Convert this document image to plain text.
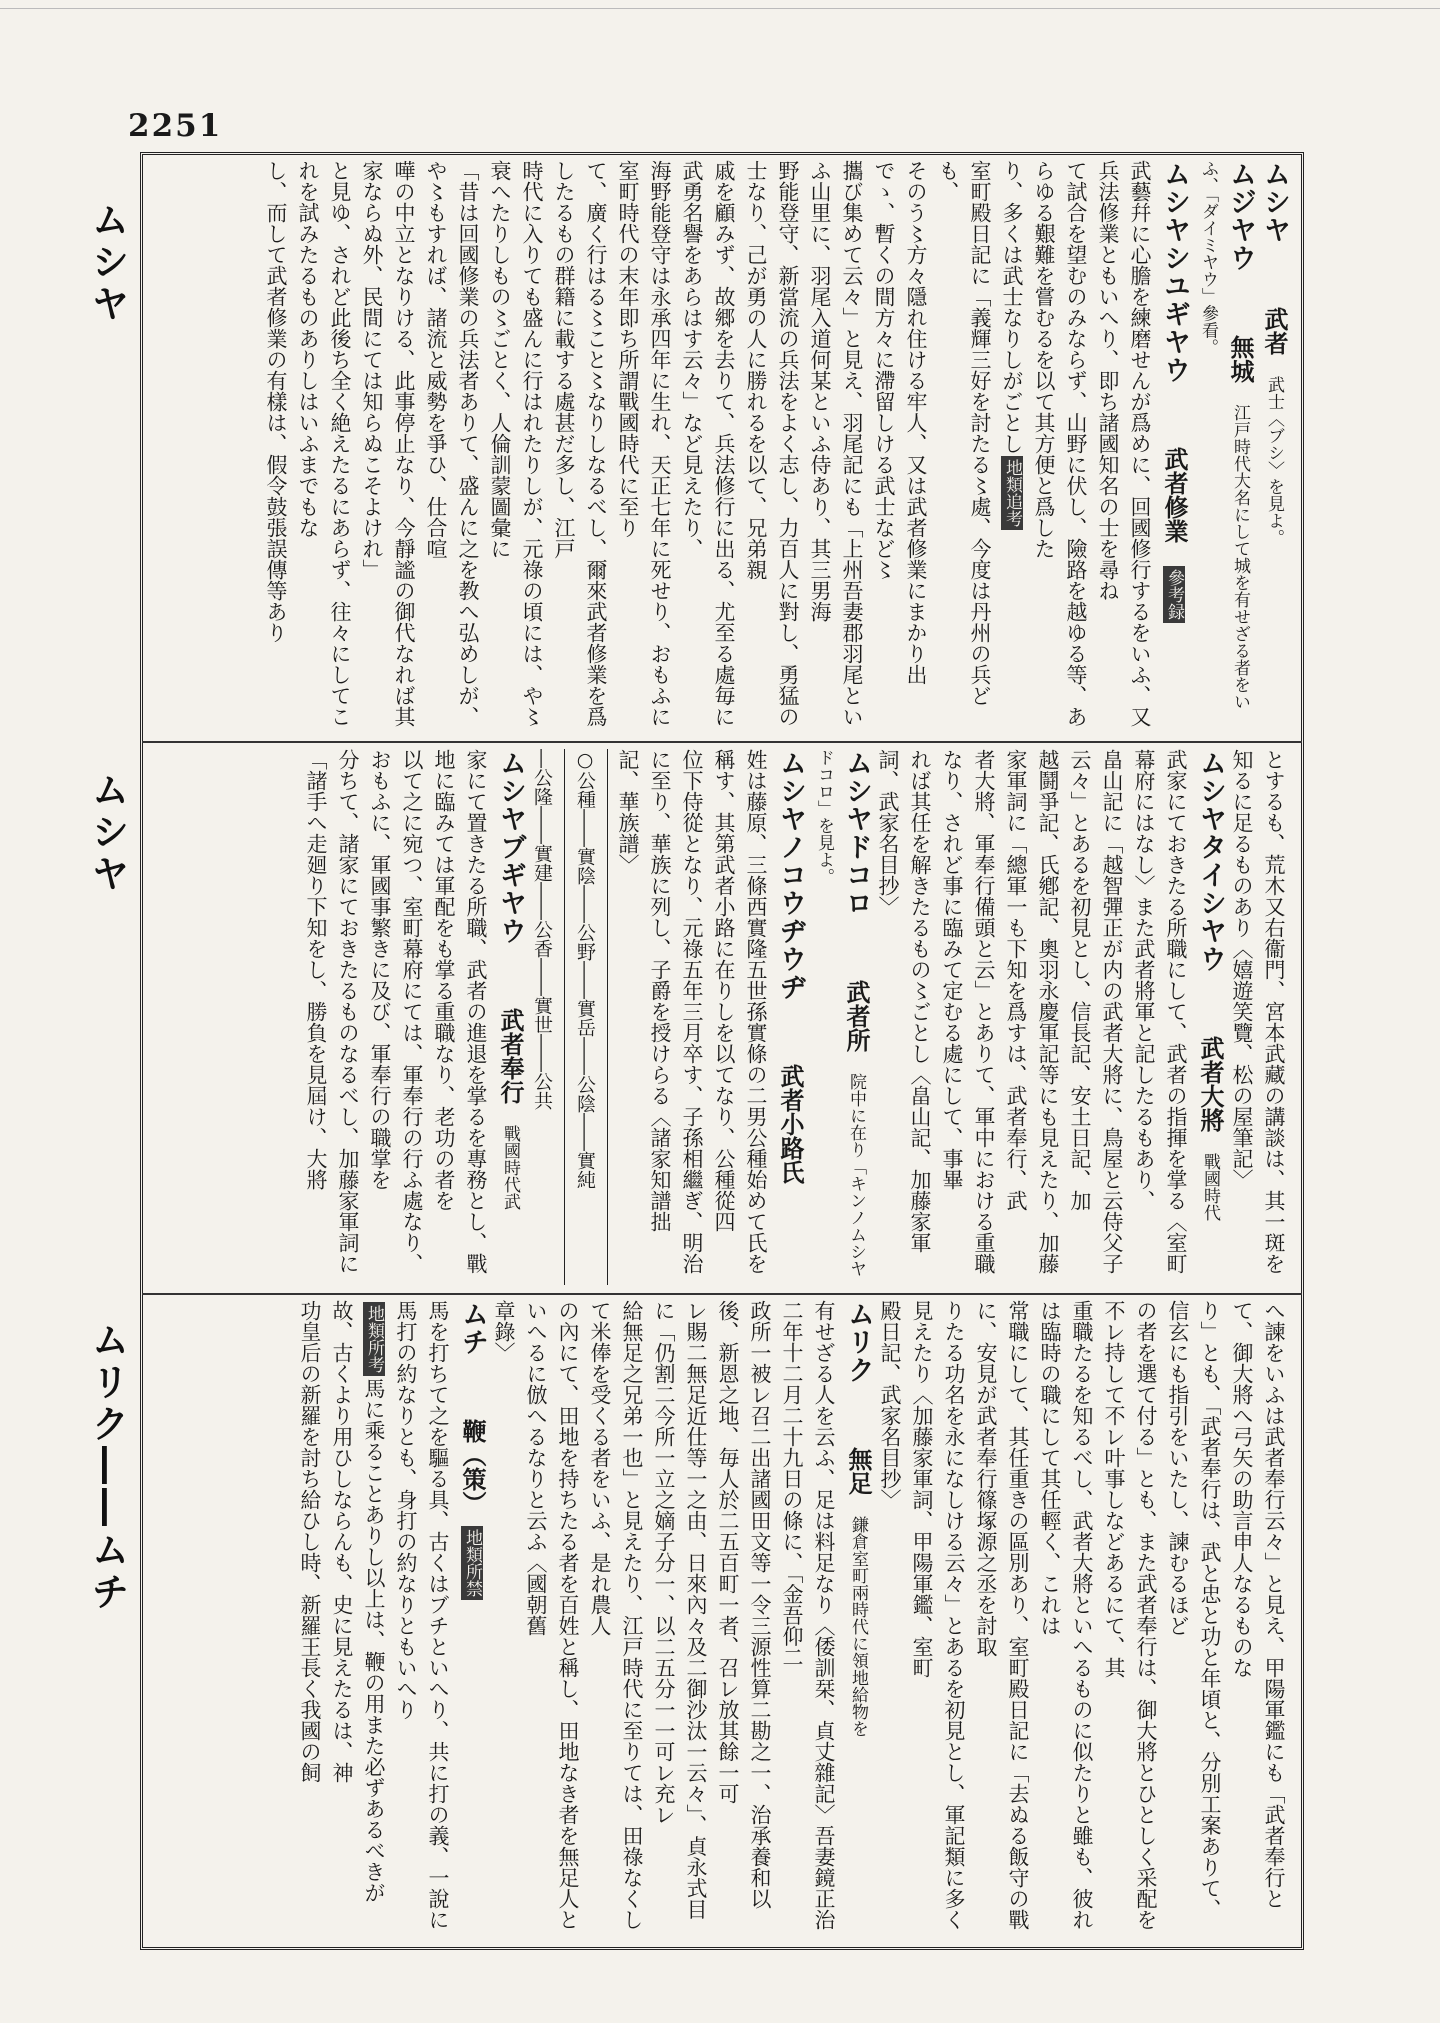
2251
ムシヤ
ムシヤ
ムリク――ムチ
ムシヤ　武者　武士〈ブシ〉を見よ。
ムジヤウ　無城　江戸時代大名にして城を有せざる者をいふ、「ダイミヤウ」參看。
ムシヤシユギヤウ　武者修業　參考録
武藝幷に心膽を練磨せんが爲めに、回國修行するをいふ、又兵法修業ともいへり、即ち諸國知名の士を尋ね
て試合を望むのみならず、山野に伏し、險路を越ゆる等、あらゆる艱難を嘗むるを以て其方便と爲した
り、多くは武士なりしがごとし地類追考
室町殿日記に「義輝三好を討たる〻處、今度は丹州の兵ども、
そのう〻方々隱れ住ける牢人、又は武者修業にまかり出でゝ、暫くの間方々に滯留しける武士など〻
攜び集めて云々」と見え、羽尾記にも「上州吾妻郡羽尾といふ山里に、羽尾入道何某といふ侍あり、其三男海
野能登守、新當流の兵法をよく志し、力百人に對し、勇猛の士なり、己が勇の人に勝れるを以て、兄弟親
戚を顧みず、故郷を去りて、兵法修行に出る、尤至る處毎に武勇名譽をあらはす云々」など見えたり、
海野能登守は永承四年に生れ、天正七年に死せり、おもふに室町時代の末年即ち所謂戰國時代に至り
て、廣く行はる〻こと〻なりしなるべし、爾來武者修業を爲したるもの群籍に載する處甚だ多し、江戸
時代に入りても盛んに行はれたりしが、元祿の頃には、や〻衰へたりしもの〻ごとく、人倫訓蒙圖彙に
「昔は回國修業の兵法者ありて、盛んに之を教へ弘めしが、や〻もすれば、諸流と威勢を爭ひ、仕合喧
嘩の中立となりける、此事停止なり、今靜謐の御代なれば其家ならぬ外、民間にては知らぬこそよけれ」
と見ゆ、されど此後ち全く絶えたるにあらず、往々にしてこれを試みたるものありしはいふまでもな
し、而して武者修業の有樣は、假令鼓張誤傳等あり
とするも、荒木又右衞門、宮本武藏の講談は、其一斑を知るに足るものあり〈嬉遊笑覽、松の屋筆記〉
ムシヤタイシヤウ　武者大將　戰國時代
武家にておきたる所職にして、武者の指揮を掌る〈室町幕府にはなし〉また武者將軍と記したるもあり、
畠山記に「越智彈正が内の武者大將に、鳥屋と云侍父子云々」とあるを初見とし、信長記、安土日記、加
越鬪爭記、氏鄕記、奧羽永慶軍記等にも見えたり、加藤家軍詞に「總軍一も下知を爲すは、武者奉行、武
者大將、軍奉行備頭と云」とありて、軍中における重職なり、されど事に臨みて定むる處にして、事畢
れば其任を解きたるもの〻ごとし〈畠山記、加藤家軍詞、武家名目抄〉
ムシヤドコロ　武者所　院中に在り「キンノムシヤドコロ」を見よ。
ムシヤノコウヂウヂ　武者小路氏
姓は藤原、三條西實隆五世孫實條の二男公種始めて氏を稱す、其第武者小路に在りしを以てなり、公種從四
位下侍從となり、元祿五年三月卒す、子孫相繼ぎ、明治に至り、華族に列し、子爵を授けらる〈諸家知譜拙
記、華族譜〉
○公種――實陰――公野――實岳――公陰――實純
―公隆――實建――公香――實世――公共
ムシヤブギヤウ　武者奉行　戰國時代武
家にて置きたる所職、武者の進退を掌るを專務とし、戰地に臨みては軍配をも掌る重職なり、老功の者を
以て之に宛つ、室町幕府にては、軍奉行の行ふ處なり、おもふに、軍國事繁きに及び、軍奉行の職掌を
分ちて、諸家にておきたるものなるべし、加藤家軍詞に「諸手へ走廻り下知をし、勝負を見屆け、大將
へ諫をいふは武者奉行云々」と見え、甲陽軍鑑にも「武者奉行とて、御大將へ弓矢の助言申人なるものな
り」とも、「武者奉行は、武と忠と功と年頃と、分別工案ありて、信玄にも指引をいたし、諫むるほど
の者を選て付る」とも、また武者奉行は、御大將とひとしく采配を不レ持して不レ叶事しなどあるにて、其
重職たるを知るべし、武者大將といへるものに似たりと雖も、彼れは臨時の職にして其任輕く、これは
常職にして、其任重きの區別あり、室町殿日記に「去ぬる飯守の戰に、安見が武者奉行篠塚源之丞を討取
りたる功名を永になしける云々」とあるを初見とし、軍記類に多く見えたり〈加藤家軍詞、甲陽軍鑑、室町
殿日記、武家名目抄〉
ムリク　無足　鎌倉室町兩時代に領地給物を
有せざる人を云ふ、足は料足なり〈倭訓栞、貞丈雜記〉吾妻鏡正治二年十二月二十九日の條に、「金吾仰二
政所一被レ召二出諸國田文等一令三源性算二勘之一、治承養和以後、新恩之地、毎人於二五百町一者、召レ放其餘一可
レ賜二無足近仕等一之由、日來內々及二御沙汰一云々」、貞永式目に「仍割二今所一立之嫡子分一、以二五分一一可レ充レ
給無足之兄弟一也」と見えたり、江戸時代に至りては、田祿なくして米俸を受くる者をいふ、是れ農人
の內にて、田地を持ちたる者を百姓と稱し、田地なき者を無足人といへるに倣へるなりと云ふ〈國朝舊
章錄〉
ムチ　鞭（策）　地類所禁
馬を打ちて之を驅る具、古くはブチといへり、共に打の義、一說に馬打の約なりとも、身打の約なりともいへり
地類所考馬に乘ることありし以上は、鞭の用また必ずあるべきが故、古くより用ひしならんも、史に見えたるは、神
功皇后の新羅を討ち給ひし時、新羅王長く我國の飼
